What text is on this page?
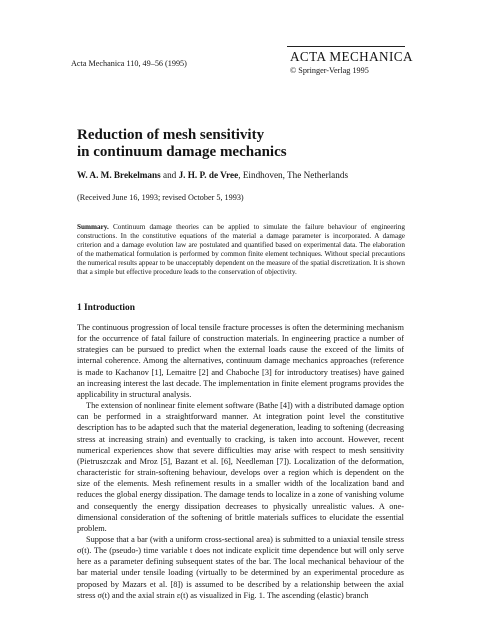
Acta Mechanica 110, 49–56 (1995)	ACTA MECHANICA
© Springer-Verlag 1995
Reduction of mesh sensitivity
in continuum damage mechanics
W. A. M. Brekelmans and J. H. P. de Vree, Eindhoven, The Netherlands
(Received June 16, 1993; revised October 5, 1993)
Summary. Continuum damage theories can be applied to simulate the failure behaviour of engineering constructions. In the constitutive equations of the material a damage parameter is incorporated. A damage criterion and a damage evolution law are postulated and quantified based on experimental data. The elaboration of the mathematical formulation is performed by common finite element techniques. Without special precautions the numerical results appear to be unacceptably dependent on the measure of the spatial discretization. It is shown that a simple but effective procedure leads to the conservation of objectivity.
1 Introduction

The continuous progression of local tensile fracture processes is often the determining mechanism for the occurrence of fatal failure of construction materials. In engineering practice a number of strategies can be pursued to predict when the external loads cause the exceed of the limits of internal coherence. Among the alternatives, continuum damage mechanics approaches (reference is made to Kachanov [1], Lemaitre [2] and Chaboche [3] for introductory treatises) have gained an increasing interest the last decade. The implementation in finite element programs provides the applicability in structural analysis.

The extension of nonlinear finite element software (Bathe [4]) with a distributed damage option can be performed in a straightforward manner. At integration point level the constitutive description has to be adapted such that the material degeneration, leading to softening (decreasing stress at increasing strain) and eventually to cracking, is taken into account. However, recent numerical experiences show that severe difficulties may arise with respect to mesh sensitivity (Pietruszczak and Mroz [5], Bazant et al. [6], Needleman [7]). Localization of the deformation, characteristic for strain-softening behaviour, develops over a region which is dependent on the size of the elements. Mesh refinement results in a smaller width of the localization band and reduces the global energy dissipation. The damage tends to localize in a zone of vanishing volume and consequently the energy dissipation decreases to physically unrealistic values. A one-dimensional consideration of the softening of brittle materials suffices to elucidate the essential problem.

Suppose that a bar (with a uniform cross-sectional area) is submitted to a uniaxial tensile stress σ(t). The (pseudo-) time variable t does not indicate explicit time dependence but will only serve here as a parameter defining subsequent states of the bar. The local mechanical behaviour of the bar material under tensile loading (virtually to be determined by an experimental procedure as proposed by Mazars et al. [8]) is assumed to be described by a relationship between the axial stress σ(t) and the axial strain ε(t) as visualized in Fig. 1. The ascending (elastic) branch
